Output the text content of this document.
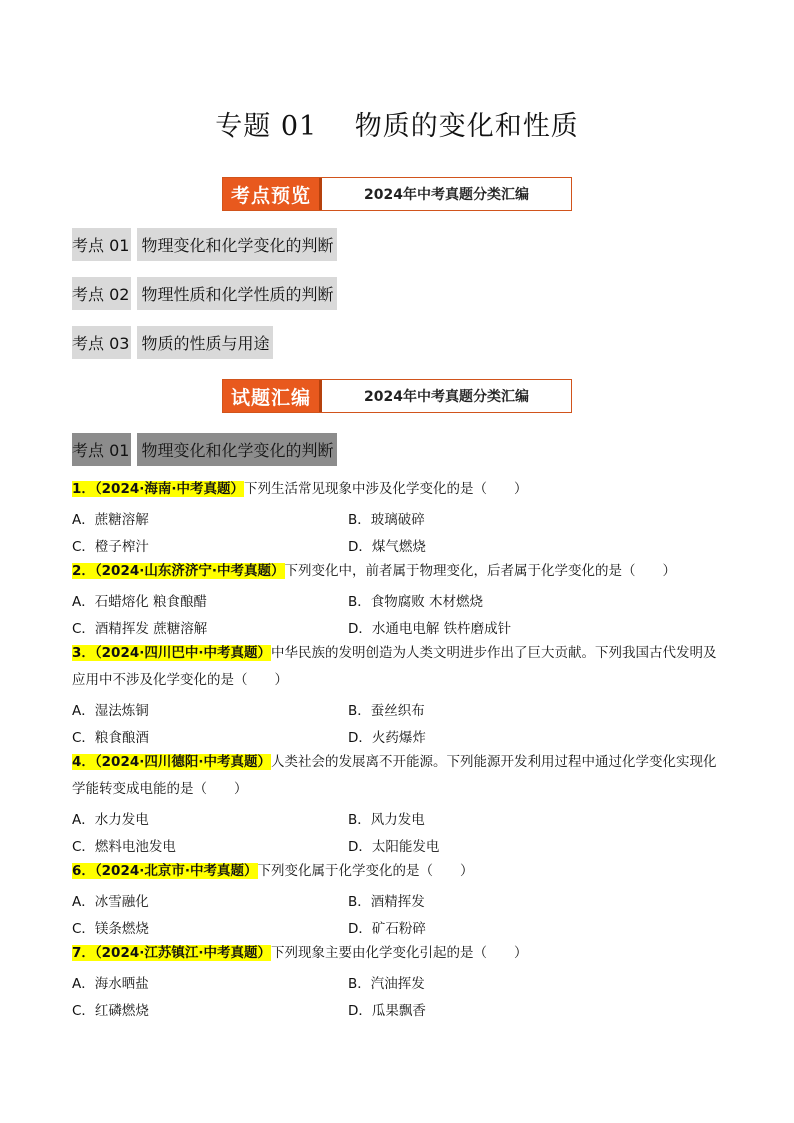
专题 01　 物质的变化和性质
考点预览	2024年中考真题分类汇编
考点 01 物理变化和化学变化的判断
考点 02 物理性质和化学性质的判断
考点 03 物质的性质与用途
试题汇编	2024年中考真题分类汇编
考点 01 物理变化和化学变化的判断
1．（2024·海南·中考真题）下列生活常见现象中涉及化学变化的是（　　）
A．蔗糖溶解	B．玻璃破碎
C．橙子榨汁	D．煤气燃烧
2．（2024·山东济济宁·中考真题）下列变化中，前者属于物理变化，后者属于化学变化的是（　　）
A．石蜡熔化 粮食酿醋	B．食物腐败 木材燃烧
C．酒精挥发 蔗糖溶解	D．水通电电解 铁杵磨成针
3．（2024·四川巴中·中考真题）中华民族的发明创造为人类文明进步作出了巨大贡献。下列我国古代发明及应用中不涉及化学变化的是（　　）
A．湿法炼铜	B．蚕丝织布
C．粮食酿酒	D．火药爆炸
4．（2024·四川德阳·中考真题）人类社会的发展离不开能源。下列能源开发利用过程中通过化学变化实现化学能转变成电能的是（　　）
A．水力发电	B．风力发电
C．燃料电池发电	D．太阳能发电
6．（2024·北京市·中考真题）下列变化属于化学变化的是（　　）
A．冰雪融化	B．酒精挥发
C．镁条燃烧	D．矿石粉碎
7．（2024·江苏镇江·中考真题）下列现象主要由化学变化引起的是（　　）
A．海水晒盐	B．汽油挥发
C．红磷燃烧	D．瓜果飘香
